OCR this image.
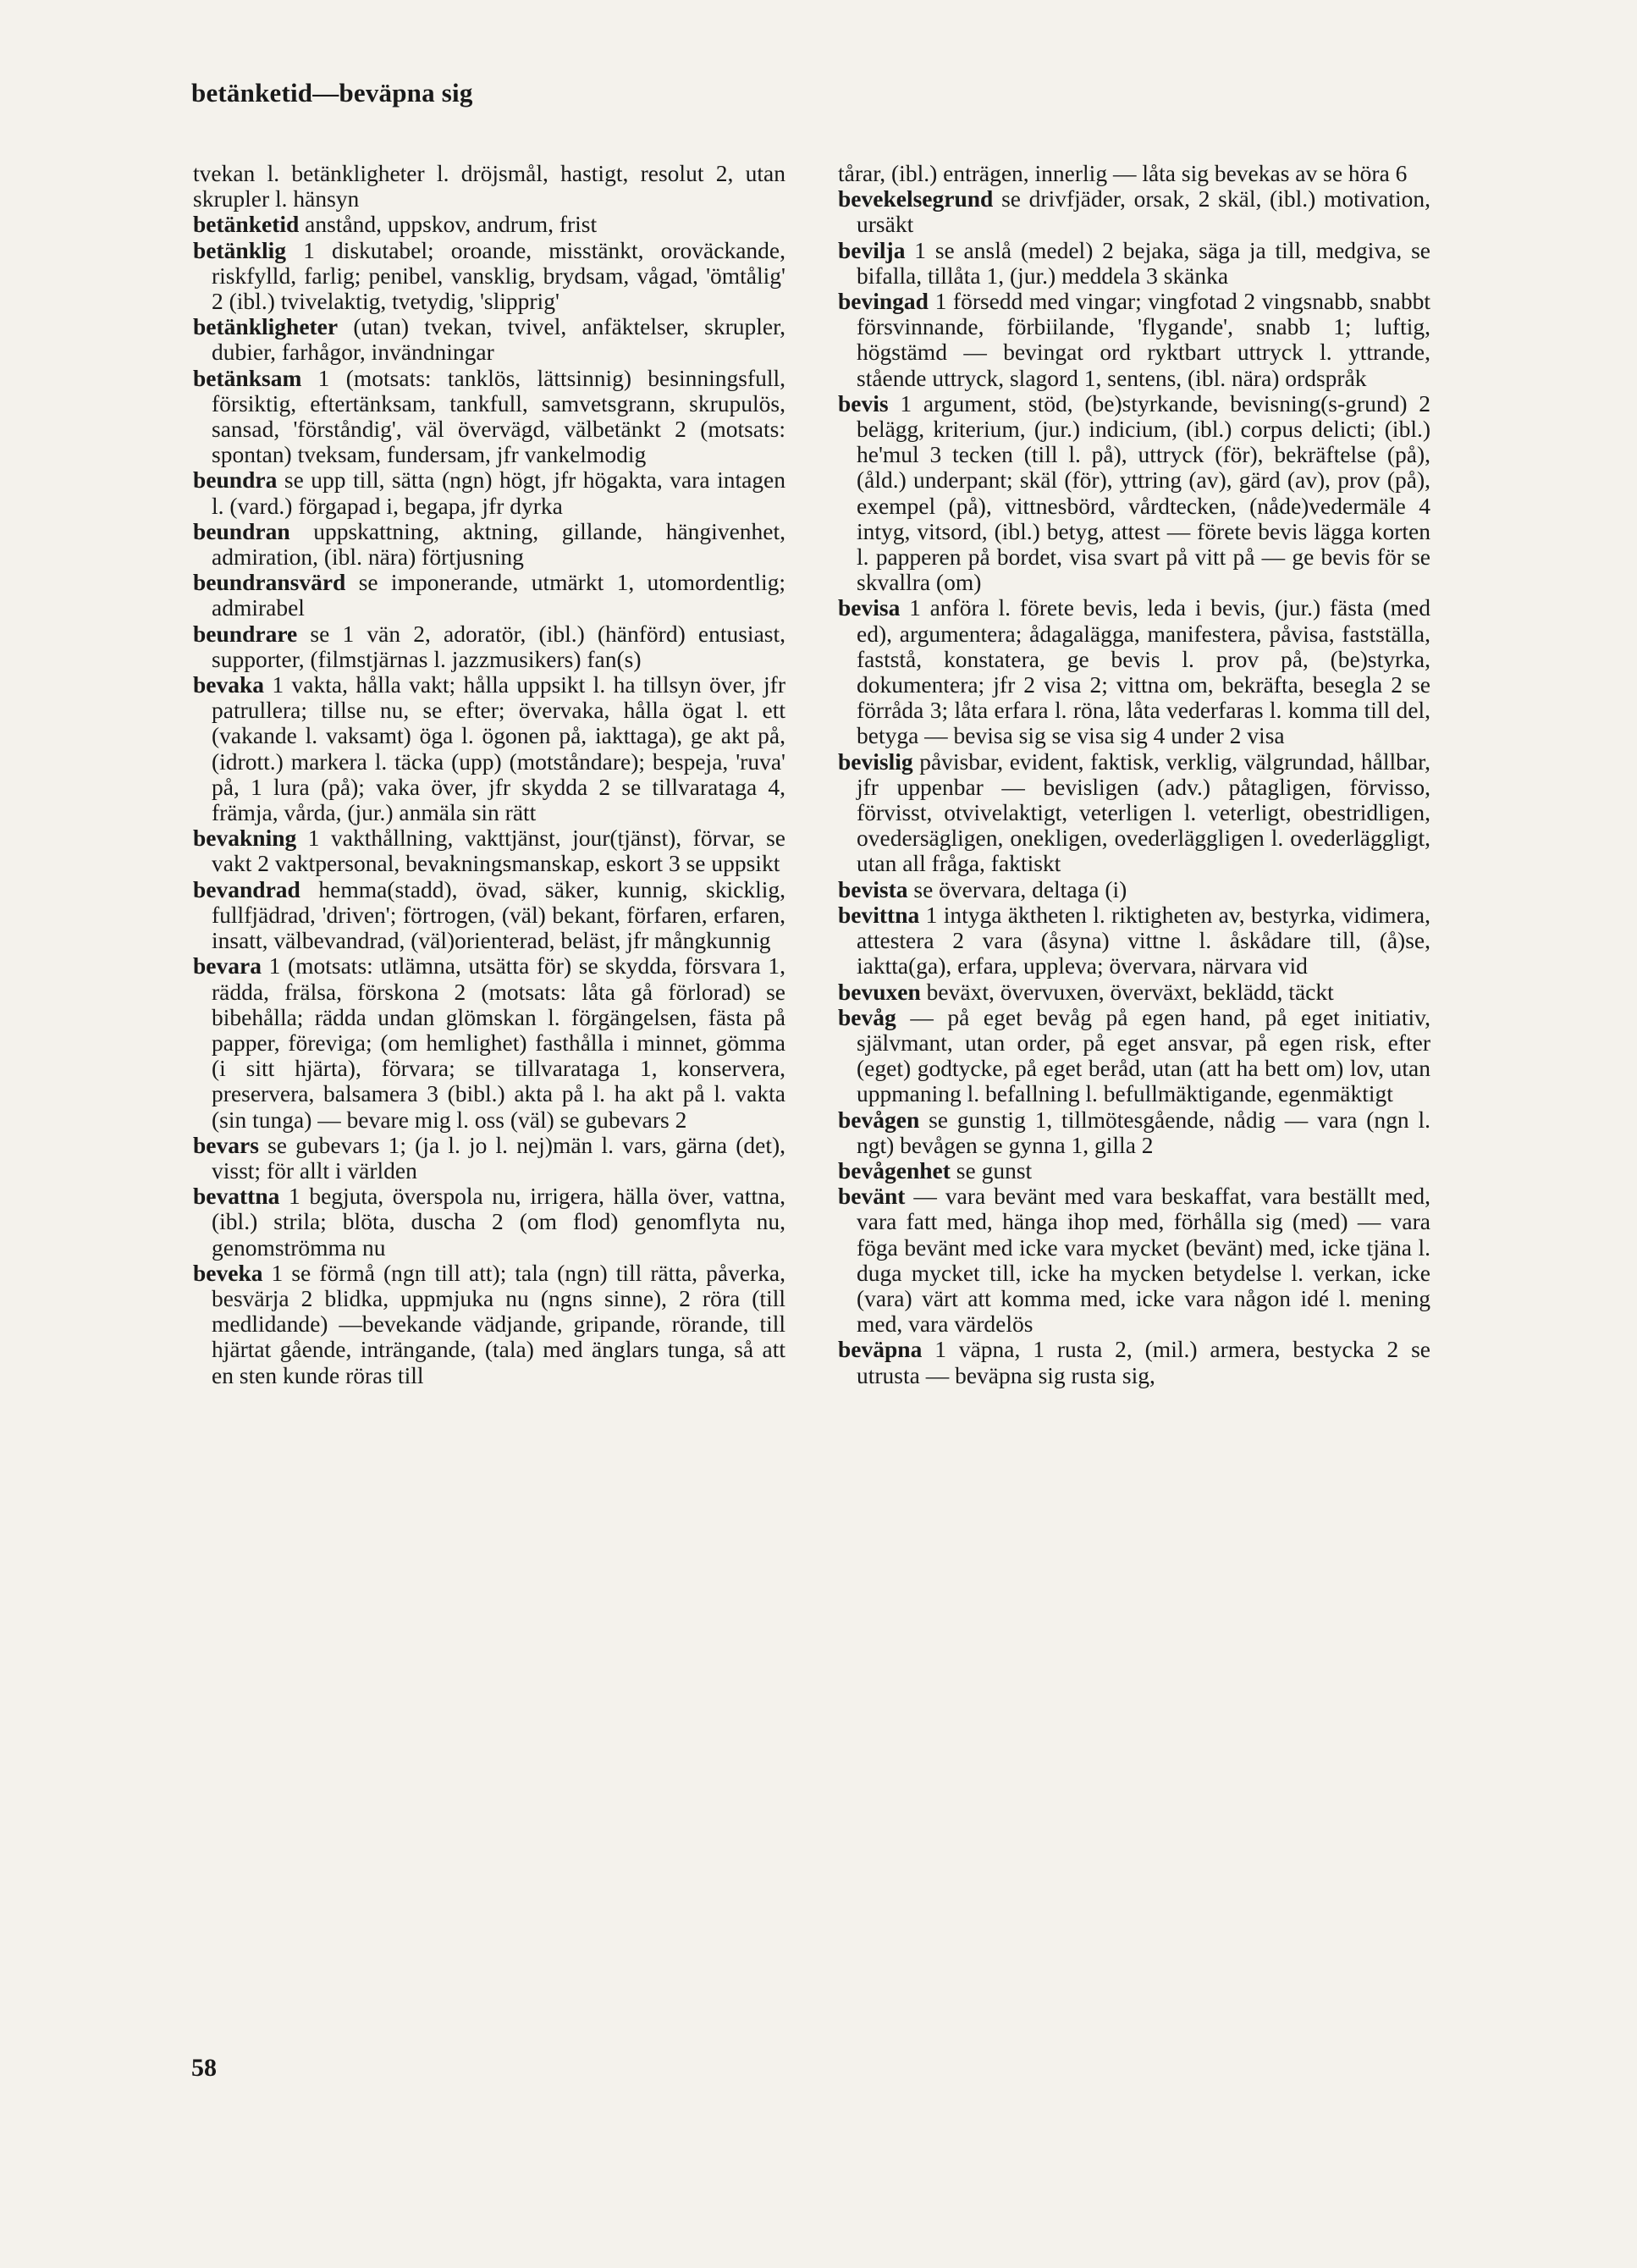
betänketid—beväpna sig

tvekan l. betänkligheter l. dröjsmål, hastigt, resolut 2, utan skrupler l. hänsyn

betänketid anstånd, uppskov, andrum, frist

betänklig 1 diskutabel; oroande, misstänkt, oroväckande, riskfylld, farlig; penibel, vansklig, brydsam, vågad, 'ömtålig' 2 (ibl.) tvivelaktig, tvetydig, 'slipprig'

betänkligheter (utan) tvekan, tvivel, anfäktelser, skrupler, dubier, farhågor, invändningar

betänksam 1 (motsats: tanklös, lättsinnig) besinningsfull, försiktig, eftertänksam, tankfull, samvetsgrann, skrupulös, sansad, 'förståndig', väl övervägd, välbetänkt 2 (motsats: spontan) tveksam, fundersam, jfr vankelmodig

beundra se upp till, sätta (ngn) högt, jfr högakta, vara intagen l. (vard.) förgapad i, begapa, jfr dyrka

beundran uppskattning, aktning, gillande, hängivenhet, admiration, (ibl. nära) förtjusning

beundransvärd se imponerande, utmärkt 1, utomordentlig; admirabel

beundrare se 1 vän 2, adoratör, (ibl.) (hänförd) entusiast, supporter, (filmstjärnas l. jazzmusikers) fan(s)

bevaka 1 vakta, hålla vakt; hålla uppsikt l. ha tillsyn över, jfr patrullera; tillse nu, se efter; övervaka, hålla ögat l. ett (vakande l. vaksamt) öga l. ögonen på, iakttaga), ge akt på, (idrott.) markera l. täcka (upp) (motståndare); bespeja, 'ruva' på, 1 lura (på); vaka över, jfr skydda 2 se tillvarataga 4, främja, vårda, (jur.) anmäla sin rätt

bevakning 1 vakthållning, vakttjänst, jour(tjänst), förvar, se vakt 2 vaktpersonal, bevakningsmanskap, eskort 3 se uppsikt

bevandrad hemma(stadd), övad, säker, kunnig, skicklig, fullfjädrad, 'driven'; förtrogen, (väl) bekant, förfaren, erfaren, insatt, välbevandrad, (väl)orienterad, beläst, jfr mångkunnig

bevara 1 (motsats: utlämna, utsätta för) se skydda, försvara 1, rädda, frälsa, förskona 2 (motsats: låta gå förlorad) se bibehålla; rädda undan glömskan l. förgängelsen, fästa på papper, föreviga; (om hemlighet) fasthålla i minnet, gömma (i sitt hjärta), förvara; se tillvarataga 1, konservera, preservera, balsamera 3 (bibl.) akta på l. ha akt på l. vakta (sin tunga) — bevare mig l. oss (väl) se gubevars 2

bevars se gubevars 1; (ja l. jo l. nej)män l. vars, gärna (det), visst; för allt i världen

bevattna 1 begjuta, överspola nu, irrigera, hälla över, vattna, (ibl.) strila; blöta, duscha 2 (om flod) genomflyta nu, genomströmma nu

beveka 1 se förmå (ngn till att); tala (ngn) till rätta, påverka, besvärja 2 blidka, uppmjuka nu (ngns sinne), 2 röra (till medlidande) —bevekande vädjande, gripande, rörande, till hjärtat gående, inträngande, (tala) med änglars tunga, så att en sten kunde röras till

tårar, (ibl.) enträgen, innerlig — låta sig bevekas av se höra 6

bevekelsegrund se drivfjäder, orsak, 2 skäl, (ibl.) motivation, ursäkt

bevilja 1 se anslå (medel) 2 bejaka, säga ja till, medgiva, se bifalla, tillåta 1, (jur.) meddela 3 skänka

bevingad 1 försedd med vingar; vingfotad 2 vingsnabb, snabbt försvinnande, förbiilande, 'flygande', snabb 1; luftig, högstämd — bevingat ord ryktbart uttryck l. yttrande, stående uttryck, slagord 1, sentens, (ibl. nära) ordspråk

bevis 1 argument, stöd, (be)styrkande, bevisning(s-grund) 2 belägg, kriterium, (jur.) indicium, (ibl.) corpus delicti; (ibl.) he'mul 3 tecken (till l. på), uttryck (för), bekräftelse (på), (åld.) underpant; skäl (för), yttring (av), gärd (av), prov (på), exempel (på), vittnesbörd, vårdtecken, (nåde)vedermäle 4 intyg, vitsord, (ibl.) betyg, attest — förete bevis lägga korten l. papperen på bordet, visa svart på vitt på — ge bevis för se skvallra (om)

bevisa 1 anföra l. förete bevis, leda i bevis, (jur.) fästa (med ed), argumentera; ådagalägga, manifestera, påvisa, fastställa, faststå, konstatera, ge bevis l. prov på, (be)styrka, dokumentera; jfr 2 visa 2; vittna om, bekräfta, besegla 2 se förråda 3; låta erfara l. röna, låta vederfaras l. komma till del, betyga — bevisa sig se visa sig 4 under 2 visa

bevislig påvisbar, evident, faktisk, verklig, välgrundad, hållbar, jfr uppenbar — bevisligen (adv.) påtagligen, förvisso, förvisst, otvivelaktigt, veterligen l. veterligt, obestridligen, ovedersägligen, onekligen, ovederläggligen l. ovederläggligt, utan all fråga, faktiskt

bevista se övervara, deltaga (i)

bevittna 1 intyga äktheten l. riktigheten av, bestyrka, vidimera, attestera 2 vara (åsyna) vittne l. åskådare till, (å)se, iaktta(ga), erfara, uppleva; övervara, närvara vid

bevuxen beväxt, övervuxen, överväxt, beklädd, täckt

bevåg — på eget bevåg på egen hand, på eget initiativ, självmant, utan order, på eget ansvar, på egen risk, efter (eget) godtycke, på eget beråd, utan (att ha bett om) lov, utan uppmaning l. befallning l. befullmäktigande, egenmäktigt

bevågen se gunstig 1, tillmötesgående, nådig — vara (ngn l. ngt) bevågen se gynna 1, gilla 2

bevågenhet se gunst

bevänt — vara bevänt med vara beskaffat, vara beställt med, vara fatt med, hänga ihop med, förhålla sig (med) — vara föga bevänt med icke vara mycket (bevänt) med, icke tjäna l. duga mycket till, icke ha mycken betydelse l. verkan, icke (vara) värt att komma med, icke vara någon idé l. mening med, vara värdelös

beväpna 1 väpna, 1 rusta 2, (mil.) armera, bestycka 2 se utrusta — beväpna sig rusta sig,

58
